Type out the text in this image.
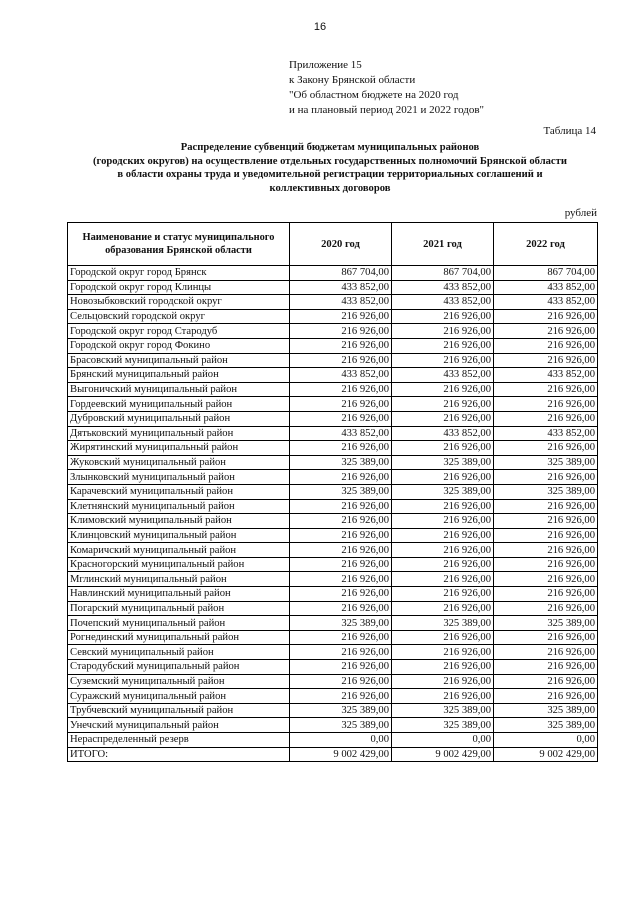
16
Приложение 15
к Закону Брянской области
"Об областном бюджете на 2020 год
и на плановый период 2021 и 2022 годов"
Таблица 14
Распределение субвенций бюджетам муниципальных районов
(городских округов) на осуществление отдельных государственных полномочий Брянской области
в области охраны труда и уведомительной регистрации территориальных соглашений и
коллективных договоров
рублей
Наименование и статус муниципального
образования Брянской области	2020 год	2021 год	2022 год
Городской округ город Брянск	867 704,00	867 704,00	867 704,00
Городской округ город Клинцы	433 852,00	433 852,00	433 852,00
Новозыбковский городской округ	433 852,00	433 852,00	433 852,00
Сельцовский городской округ	216 926,00	216 926,00	216 926,00
Городской округ город Стародуб	216 926,00	216 926,00	216 926,00
Городской округ город Фокино	216 926,00	216 926,00	216 926,00
Брасовский муниципальный район	216 926,00	216 926,00	216 926,00
Брянский муниципальный район	433 852,00	433 852,00	433 852,00
Выгоничский муниципальный район	216 926,00	216 926,00	216 926,00
Гордеевский муниципальный район	216 926,00	216 926,00	216 926,00
Дубровский муниципальный район	216 926,00	216 926,00	216 926,00
Дятьковский муниципальный район	433 852,00	433 852,00	433 852,00
Жирятинский муниципальный район	216 926,00	216 926,00	216 926,00
Жуковский муниципальный район	325 389,00	325 389,00	325 389,00
Злынковский муниципальный район	216 926,00	216 926,00	216 926,00
Карачевский муниципальный район	325 389,00	325 389,00	325 389,00
Клетнянский муниципальный район	216 926,00	216 926,00	216 926,00
Климовский муниципальный район	216 926,00	216 926,00	216 926,00
Клинцовский муниципальный район	216 926,00	216 926,00	216 926,00
Комаричский муниципальный район	216 926,00	216 926,00	216 926,00
Красногорский муниципальный район	216 926,00	216 926,00	216 926,00
Мглинский муниципальный район	216 926,00	216 926,00	216 926,00
Навлинский муниципальный район	216 926,00	216 926,00	216 926,00
Погарский муниципальный район	216 926,00	216 926,00	216 926,00
Почепский муниципальный район	325 389,00	325 389,00	325 389,00
Рогнединский муниципальный район	216 926,00	216 926,00	216 926,00
Севский муниципальный район	216 926,00	216 926,00	216 926,00
Стародубский муниципальный район	216 926,00	216 926,00	216 926,00
Суземский муниципальный район	216 926,00	216 926,00	216 926,00
Суражский муниципальный район	216 926,00	216 926,00	216 926,00
Трубчевский муниципальный район	325 389,00	325 389,00	325 389,00
Унечский муниципальный район	325 389,00	325 389,00	325 389,00
Нераспределенный резерв	0,00	0,00	0,00
ИТОГО:	9 002 429,00	9 002 429,00	9 002 429,00
